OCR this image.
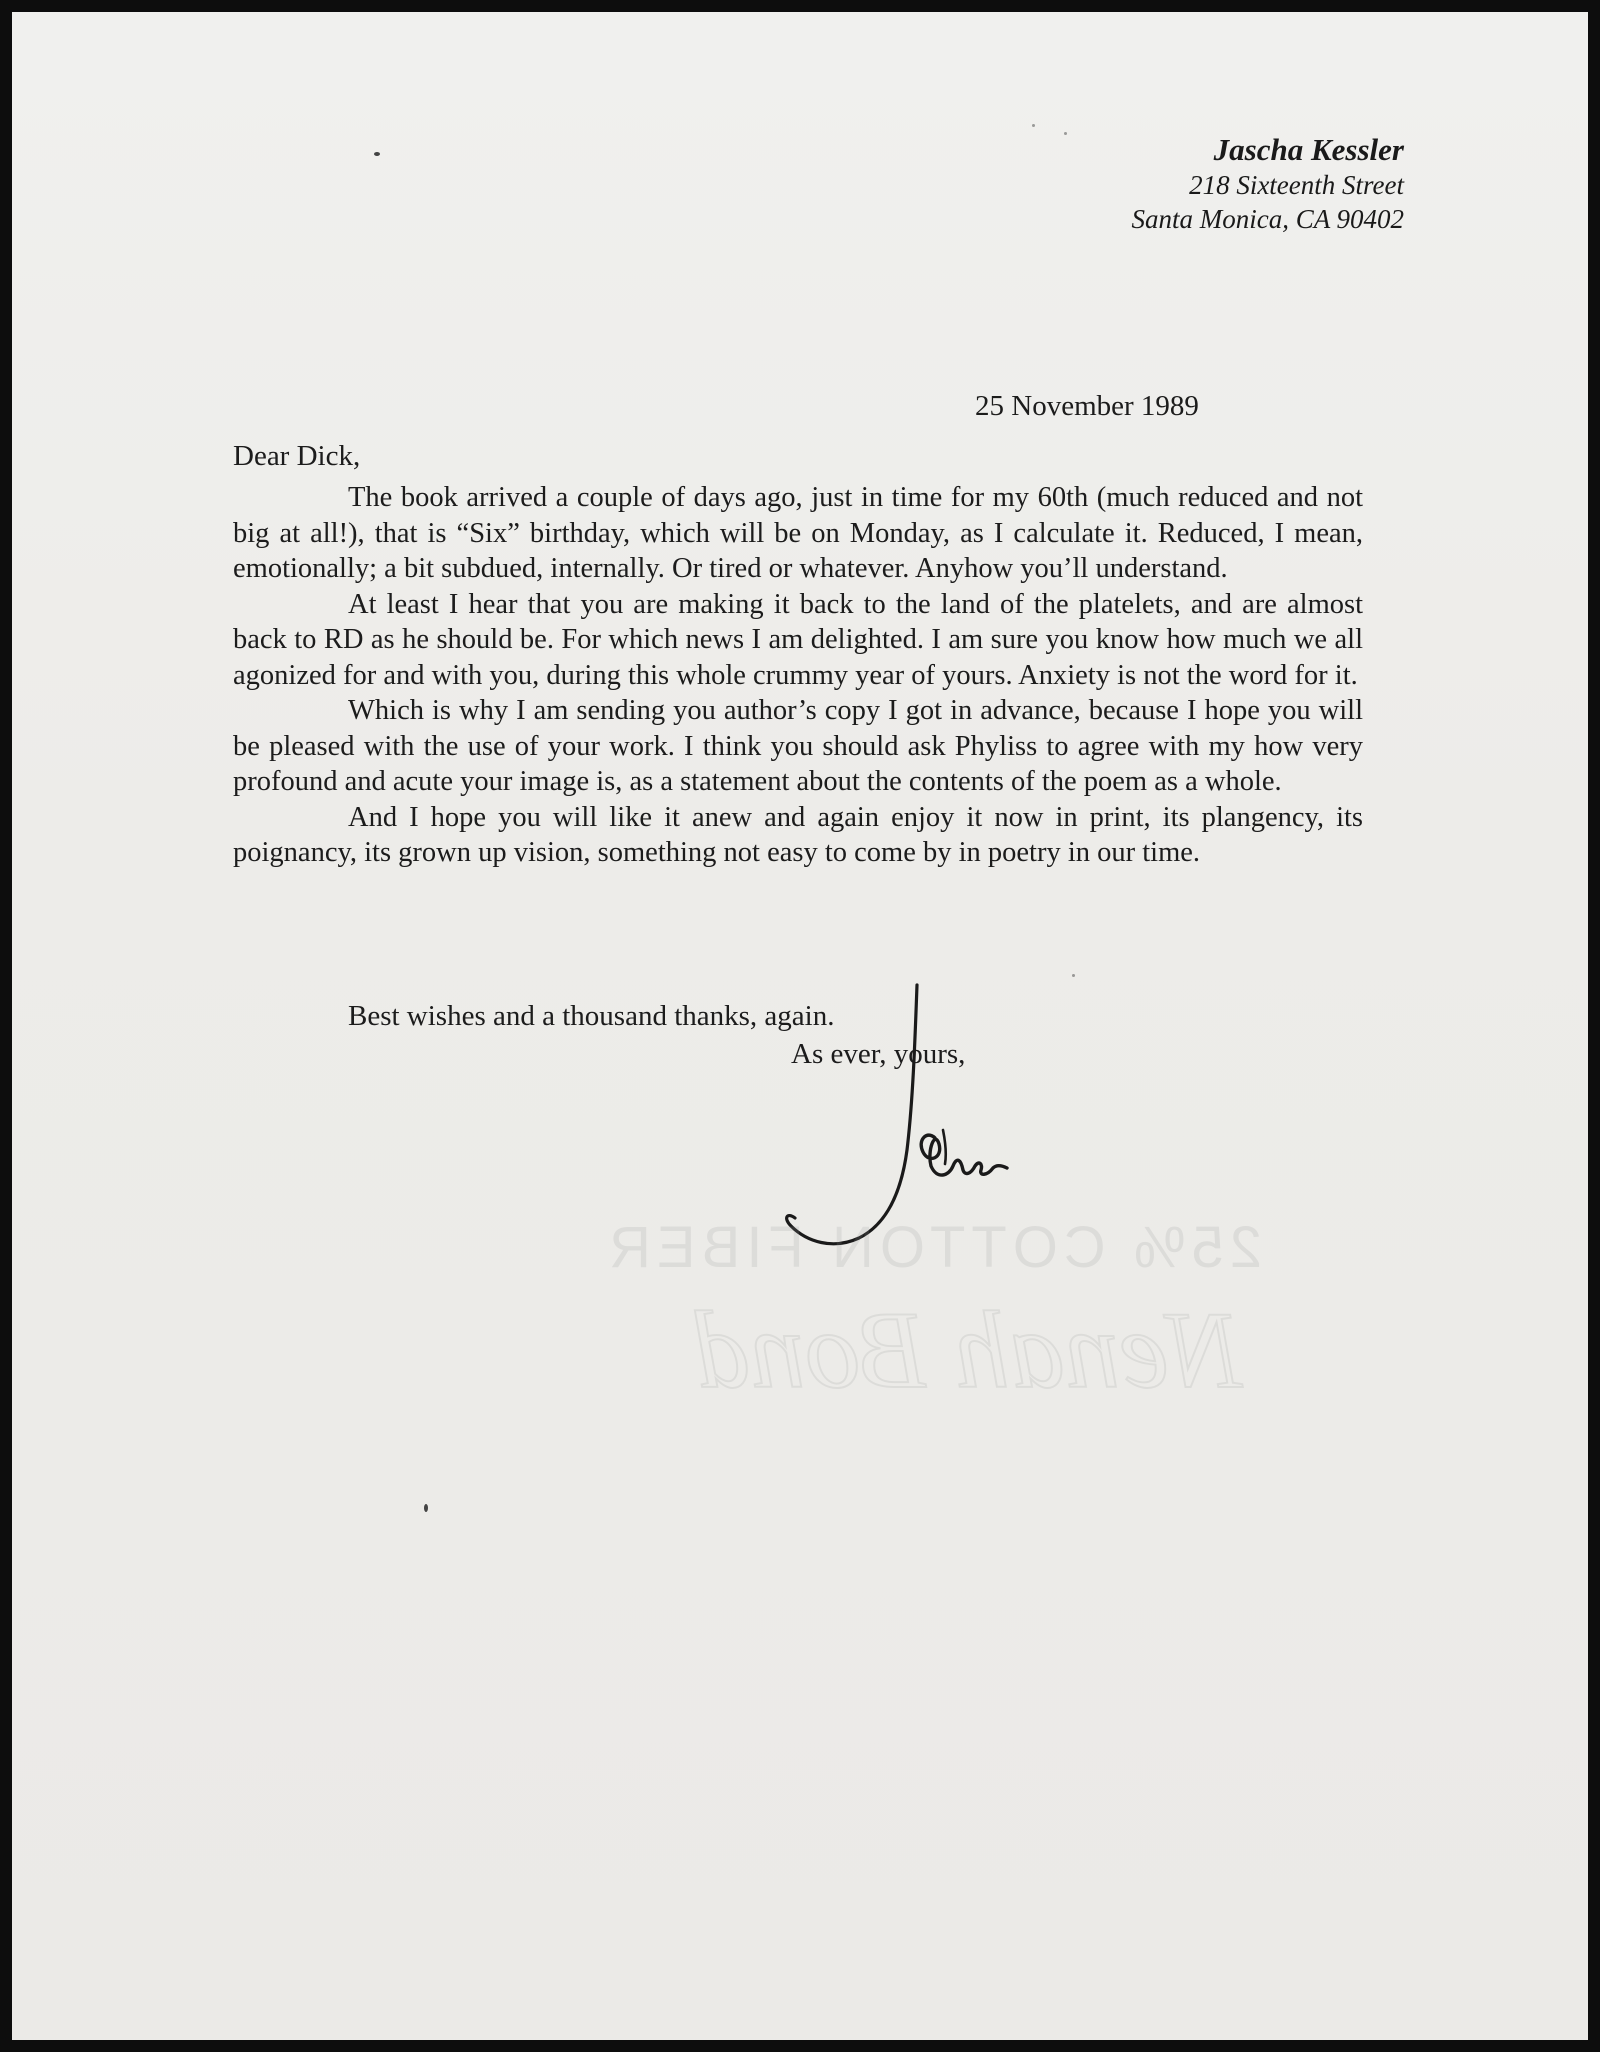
Jascha Kessler
218 Sixteenth Street
Santa Monica, CA 90402
25 November 1989
Dear Dick,

The book arrived a couple of days ago, just in time for my 60th (much reduced and not big at all!), that is “Six” birthday, which will be on Monday, as I calculate it. Reduced, I mean, emotionally; a bit subdued, internally. Or tired or whatever. Anyhow you’ll understand.

At least I hear that you are making it back to the land of the platelets, and are almost back to RD as he should be. For which news I am delighted. I am sure you know how much we all agonized for and with you, during this whole crummy year of yours. Anxiety is not the word for it.

Which is why I am sending you author’s copy I got in advance, because I hope you will be pleased with the use of your work. I think you should ask Phyliss to agree with my how very profound and acute your image is, as a statement about the contents of the poem as a whole.

And I hope you will like it anew and again enjoy it now in print, its plangency, its poignancy, its grown up vision, something not easy to come by in poetry in our time.

Best wishes and a thousand thanks, again.
As ever, yours,
25% COTTON FIBER
Nenah Bond
